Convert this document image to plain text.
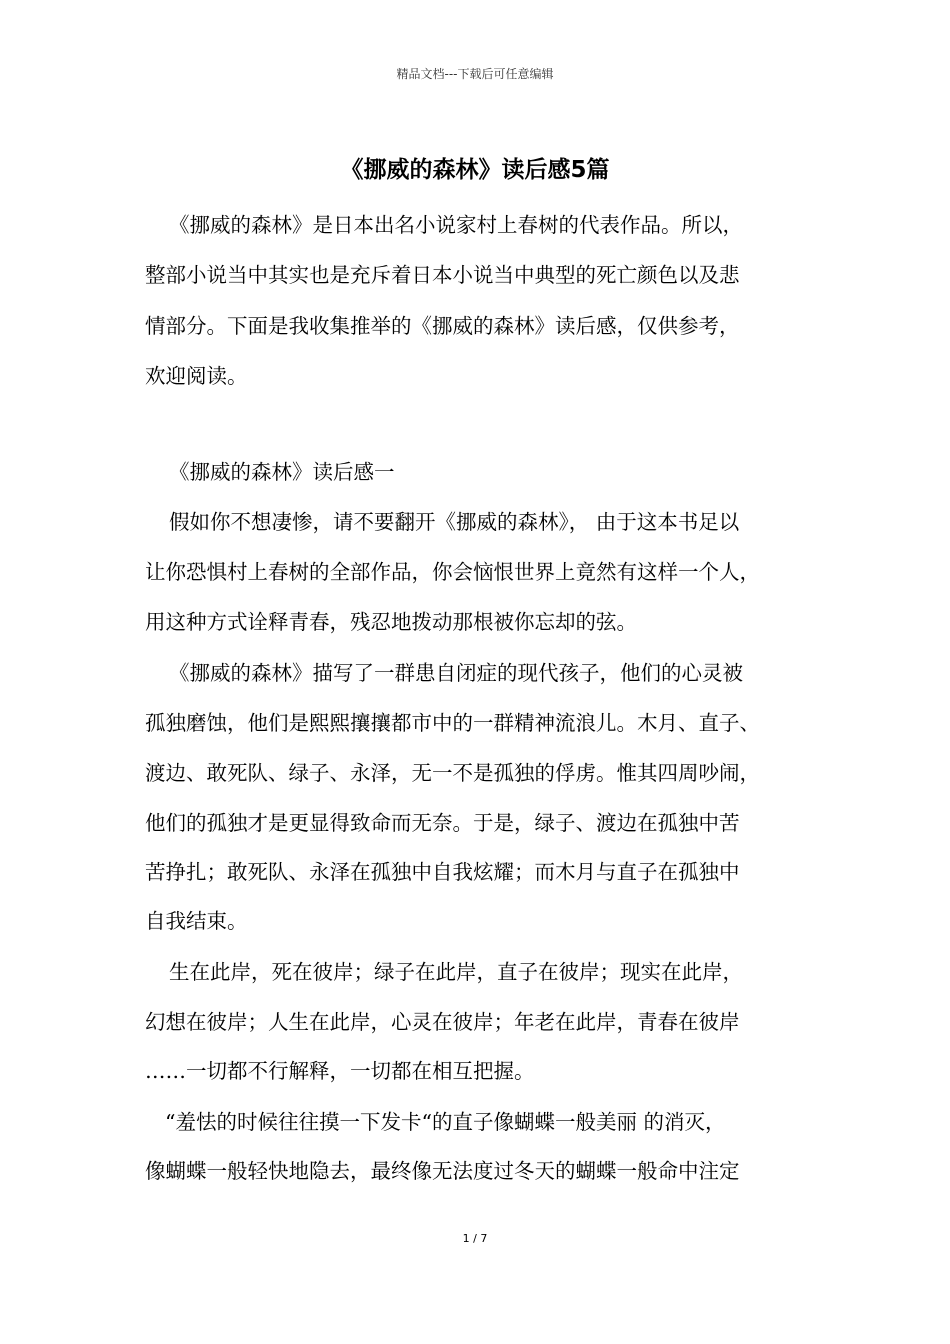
精品文档---下载后可任意编辑
《挪威的森林》读后感5篇
《挪威的森林》是日本出名小说家村上春树的代表作品。所以，
整部小说当中其实也是充斥着日本小说当中典型的死亡颜色以及悲
情部分。下面是我收集推举的《挪威的森林》读后感，仅供参考，
欢迎阅读。
《挪威的森林》读后感一
假如你不想凄惨，请不要翻开《挪威的森林》， 由于这本书足以
让你恐惧村上春树的全部作品，你会恼恨世界上竟然有这样一个人，
用这种方式诠释青春，残忍地拨动那根被你忘却的弦。
《挪威的森林》描写了一群患自闭症的现代孩子，他们的心灵被
孤独磨蚀，他们是熙熙攘攘都市中的一群精神流浪儿。木月、直子、
渡边、敢死队、绿子、永泽，无一不是孤独的俘虏。惟其四周吵闹，
他们的孤独才是更显得致命而无奈。于是，绿子、渡边在孤独中苦
苦挣扎；敢死队、永泽在孤独中自我炫耀；而木月与直子在孤独中
自我结束。
生在此岸，死在彼岸；绿子在此岸，直子在彼岸；现实在此岸，
幻想在彼岸；人生在此岸，心灵在彼岸；年老在此岸，青春在彼岸
……一切都不行解释，一切都在相互把握。
“羞怯的时候往往摸一下发卡“的直子像蝴蝶一般美丽 的消灭，
像蝴蝶一般轻快地隐去，最终像无法度过冬天的蝴蝶一般命中注定
1 / 7
